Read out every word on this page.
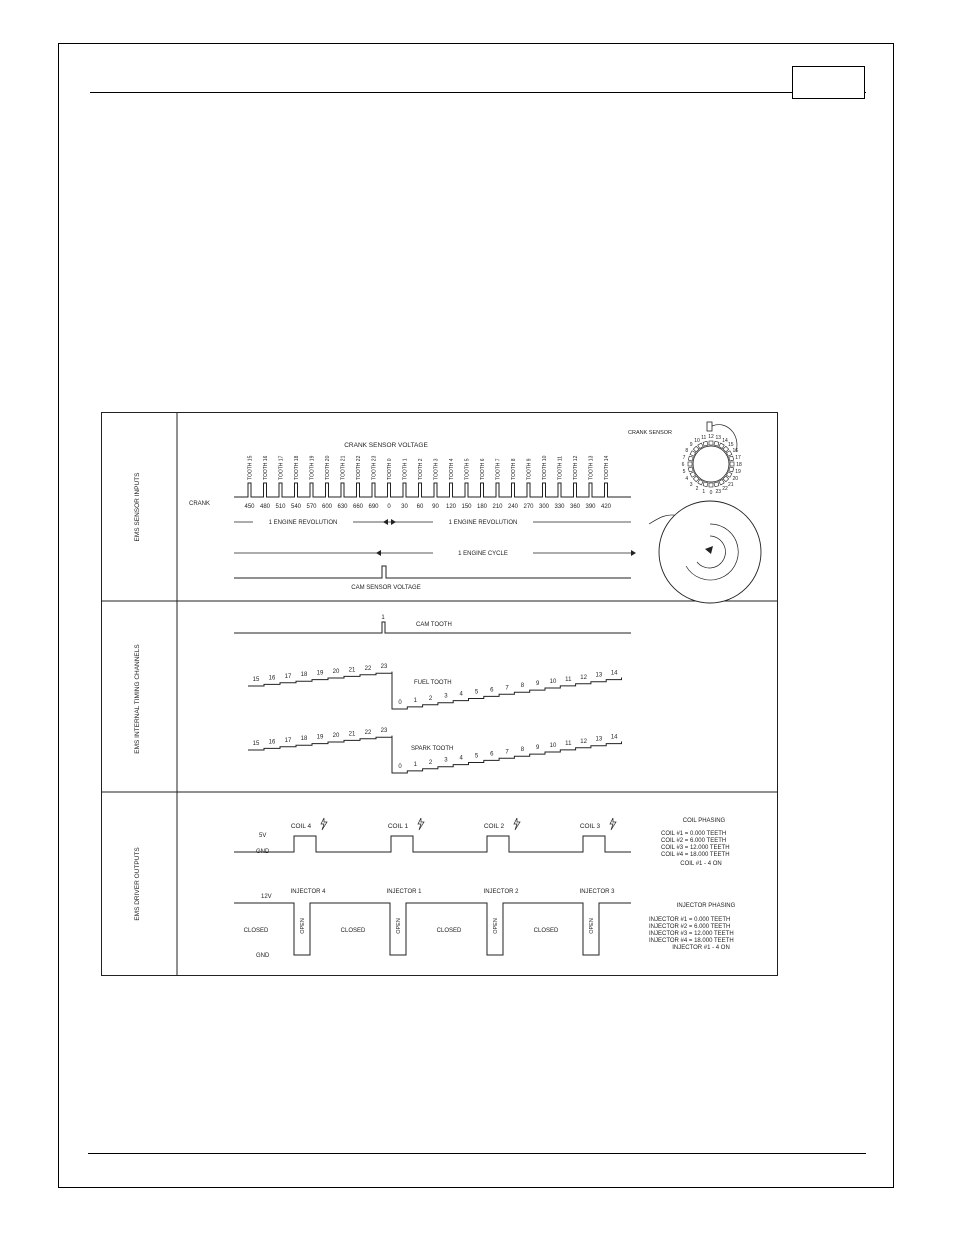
EMS SENSOR INPUTS
EMS INTERNAL TIMING CHANNELS
EMS DRIVER OUTPUTS
CRANK SENSOR VOLTAGE
CRANK
TOOTH 15 TOOTH 16 TOOTH 17 TOOTH 18 TOOTH 19 TOOTH 20 TOOTH 21 TOOTH 22 TOOTH 23 TOOTH 0 TOOTH 1 TOOTH 2 TOOTH 3 TOOTH 4 TOOTH 5 TOOTH 6 TOOTH 7 TOOTH 8 TOOTH 9 TOOTH 10 TOOTH 11 TOOTH 12 TOOTH 13 TOOTH 14
450 480 510 540 570 600 630 660 690 0 30 60 90 120 150 180 210 240 270 300 330 360 390 420
1 ENGINE REVOLUTION	1 ENGINE REVOLUTION
1 ENGINE CYCLE
CAM SENSOR VOLTAGE
CRANK SENSOR
12 13 14
15
16
17
18
19
20
21
22
23
0
1
2
3
4
5
6
7
8
9
10 11
1
CAM TOOTH
15 16 17 18 19 20 21 22 23
0 1 2 3 4 5 6 7 8 9 10 11 12 13 14
FUEL TOOTH
15 16 17 18 19 20 21 22 23
0 1 2 3 4 5 6 7 8 9 10 11 12 13 14
SPARK TOOTH
5V
GND
COIL 4	COIL 1	COIL 2	COIL 3
12V
GND
INJECTOR 4
OPEN
CLOSED
INJECTOR 1
OPEN
CLOSED
INJECTOR 2
OPEN
CLOSED
INJECTOR 3
OPEN
CLOSED
COIL PHASING
COIL #1 = 0.000 TEETH
COIL #2 = 6.000 TEETH
COIL #3 = 12.000 TEETH
COIL #4 = 18.000 TEETH
COIL #1 - 4 ON
INJECTOR PHASING
INJECTOR #1 = 0.000 TEETH
INJECTOR #2 = 6.000 TEETH
INJECTOR #3 = 12.000 TEETH
INJECTOR #4 = 18.000 TEETH
INJECTOR #1 - 4 ON
